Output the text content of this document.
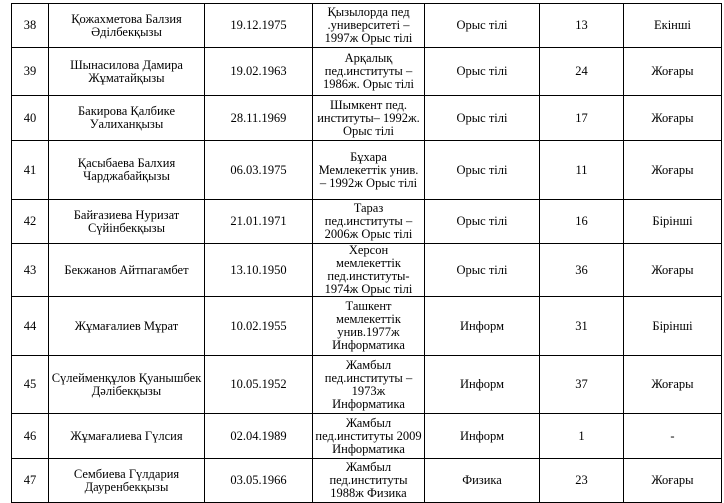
38	Қожахметова Балзия Әділбекқызы	19.12.1975	Қызылорда пед .университеті – 1997ж Орыс тілі	Орыс тілі	13	Екінші
39	Шынасилова Дамира Жұматайқызы	19.02.1963	Арқалық пед.институты – 1986ж. Орыс тілі	Орыс тілі	24	Жоғары
40	Бакирова Қалбике Уалиханқызы	28.11.1969	Шымкент пед. институты– 1992ж. Орыс тілі	Орыс тілі	17	Жоғары
41	Қасыбаева Балхия Чарджабайқызы	06.03.1975	Бұхара Мемлекеттік унив. – 1992ж Орыс тілі	Орыс тілі	11	Жоғары
42	Байғазиева Нуризат Сүйінбекқызы	21.01.1971	Тараз пед.институты – 2006ж Орыс тілі	Орыс тілі	16	Бірінші
43	Бекжанов Айтпагамбет	13.10.1950	Херсон мемлекеттік пед.институты- 1974ж Орыс тілі	Орыс тілі	36	Жоғары
44	Жұмағалиев Мұрат	10.02.1955	Ташкент мемлекеттік унив.1977ж Информатика	Информ	31	Бірінші
45	Сүлейменқұлов Қуанышбек Дәлібекқызы	10.05.1952	Жамбыл пед.институты – 1973ж Информатика	Информ	37	Жоғары
46	Жұмағалиева Гүлсия	02.04.1989	Жамбыл пед.институты 2009 Информатика	Информ	1	-
47	Сембиева Гүлдария Дауренбекқызы	03.05.1966	Жамбыл пед.институты 1988ж Физика	Физика	23	Жоғары
